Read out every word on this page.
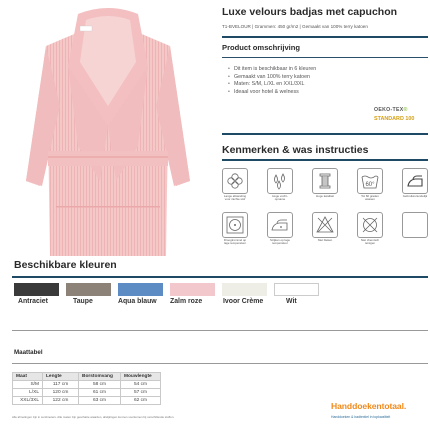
Luxe velours badjas met capuchon
T1-BVELOUR | Grammen: 450 gr/m2 | Gemaakt van 100% terry katoen
Product omschrijving
• Dit item is beschikbaar in 6 kleuren
• Gemaakt van 100% terry katoen
• Maten: S/M, L/XL en XXL/3XL
• Ideaal voor hotel & welness
OEKO-TEX®
STANDARD 100
Kenmerken & was instructies
Lange afstanding voor zachte stof
Hoge vocht-opname
Hoge kwaliteit
60°
Tot 60 graden wassen
Gebruiksvriendelijk
Droogtrommel op lage temperatuur
Strijken op lage temperatuur
Niet bleken	Niet chemisch reinigen
Beschikbare kleuren
Antraciet	Taupe	Aqua blauw Zalm roze	Ivoor Crème	Wit
Maattabel
Maat	Lengte	Borstomvang	Mouwlengte
S/M	117 cm	58 cm	54 cm
L/XL	120 cm	61 cm	57 cm
XXL/3XL	122 cm	63 cm	62 cm
Alle afmetingen zijn in centimeters. Alle maten zijn geschatte waarden, afwijkingen kunnen voorkomen bij verschillende stoffen.
Handdoekentotaal.
Handdoeken & badtextiel in topkwaliteit
